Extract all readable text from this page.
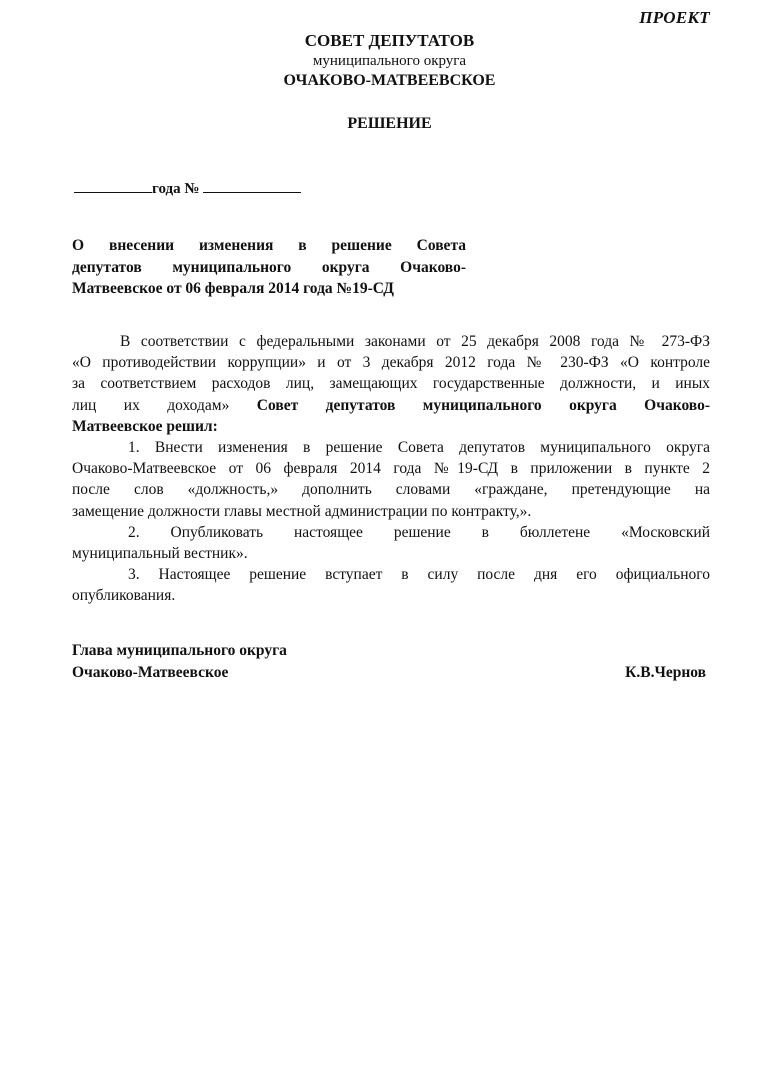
ПРОЕКТ
СОВЕТ ДЕПУТАТОВ
муниципального округа
ОЧАКОВО-МАТВЕЕВСКОЕ
РЕШЕНИЕ
года №
О внесении изменения в решение Совета
депутатов муниципального округа Очаково-
Матвеевское от 06 февраля 2014 года №19-СД
В соответствии с федеральными законами от 25 декабря 2008 года № 273-ФЗ
«О противодействии коррупции» и от 3 декабря 2012 года № 230-ФЗ «О контроле
за соответствием расходов лиц, замещающих государственные должности, и иных
лиц их доходам» Совет депутатов муниципального округа Очаково-
Матвеевское решил:
1. Внести изменения в решение Совета депутатов муниципального округа
Очаково-Матвеевское от 06 февраля 2014 года №19-СД в приложении в пункте 2
после слов «должность,» дополнить словами «граждане, претендующие на
замещение должности главы местной администрации по контракту,».
2. Опубликовать настоящее решение в бюллетене «Московский
муниципальный вестник».
3. Настоящее решение вступает в силу после дня его официального
опубликования.
Глава муниципального округа
Очаково-Матвеевское	К.В.Чернов
